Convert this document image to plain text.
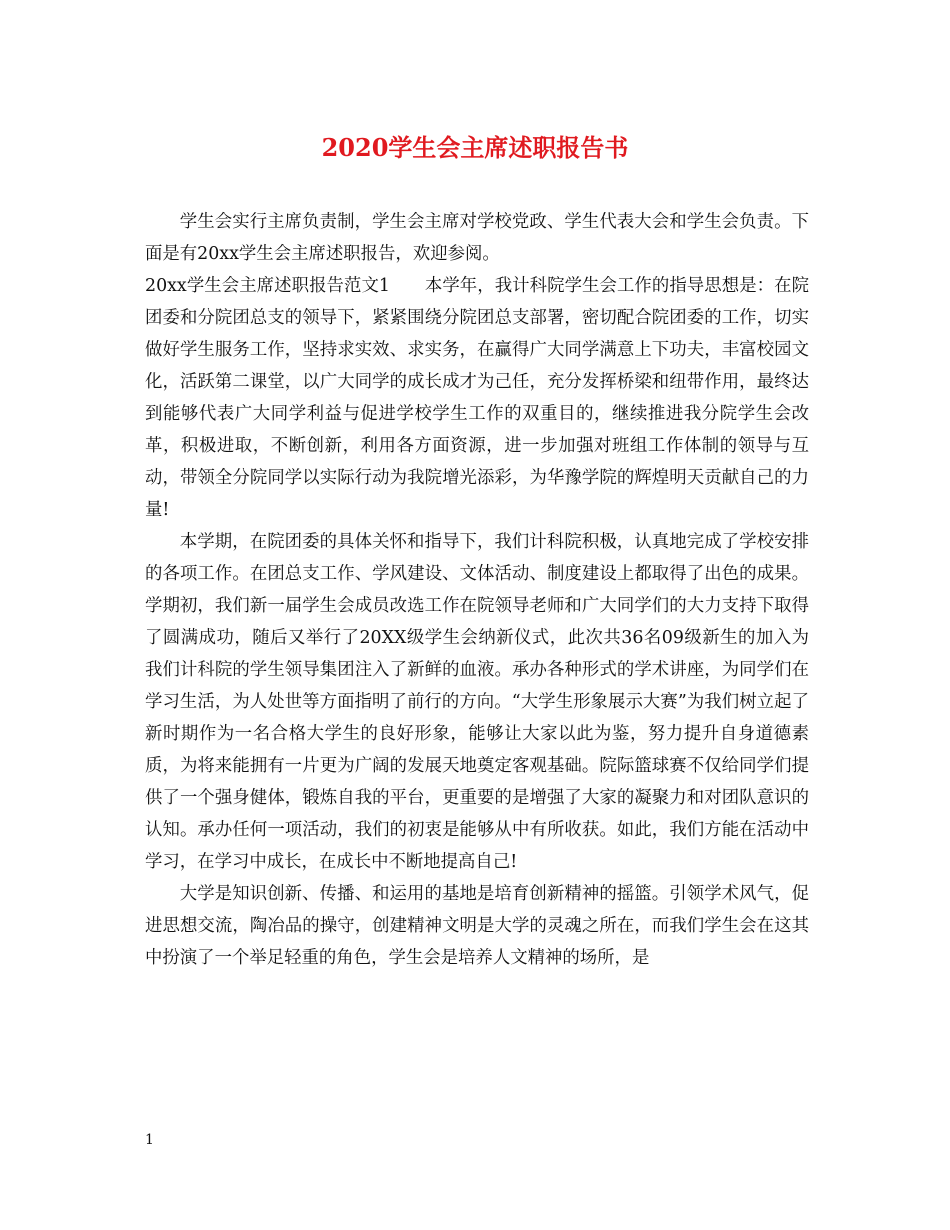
2020学生会主席述职报告书

学生会实行主席负责制，学生会主席对学校党政、学生代表大会和学生会负责。下面是有20xx学生会主席述职报告，欢迎参阅。

20xx学生会主席述职报告范文1 本学年，我计科院学生会工作的指导思想是：在院团委和分院团总支的领导下，紧紧围绕分院团总支部署，密切配合院团委的工作，切实做好学生服务工作，坚持求实效、求实务，在赢得广大同学满意上下功夫，丰富校园文化，活跃第二课堂，以广大同学的成长成才为己任，充分发挥桥梁和纽带作用，最终达到能够代表广大同学利益与促进学校学生工作的双重目的，继续推进我分院学生会改革，积极进取，不断创新，利用各方面资源，进一步加强对班组工作体制的领导与互动，带领全分院同学以实际行动为我院增光添彩，为华豫学院的辉煌明天贡献自己的力量!

本学期，在院团委的具体关怀和指导下，我们计科院积极，认真地完成了学校安排的各项工作。在团总支工作、学风建设、文体活动、制度建设上都取得了出色的成果。学期初，我们新一届学生会成员改选工作在院领导老师和广大同学们的大力支持下取得了圆满成功，随后又举行了20XX级学生会纳新仪式，此次共36名09级新生的加入为我们计科院的学生领导集团注入了新鲜的血液。承办各种形式的学术讲座，为同学们在学习生活，为人处世等方面指明了前行的方向。“大学生形象展示大赛”为我们树立起了新时期作为一名合格大学生的良好形象，能够让大家以此为鉴，努力提升自身道德素质，为将来能拥有一片更为广阔的发展天地奠定客观基础。院际篮球赛不仅给同学们提供了一个强身健体，锻炼自我的平台，更重要的是增强了大家的凝聚力和对团队意识的认知。承办任何一项活动，我们的初衷是能够从中有所收获。如此，我们方能在活动中学习，在学习中成长，在成长中不断地提高自己!

大学是知识创新、传播、和运用的基地是培育创新精神的摇篮。引领学术风气，促进思想交流，陶冶品的操守，创建精神文明是大学的灵魂之所在，而我们学生会在这其中扮演了一个举足轻重的角色，学生会是培养人文精神的场所，是

1
